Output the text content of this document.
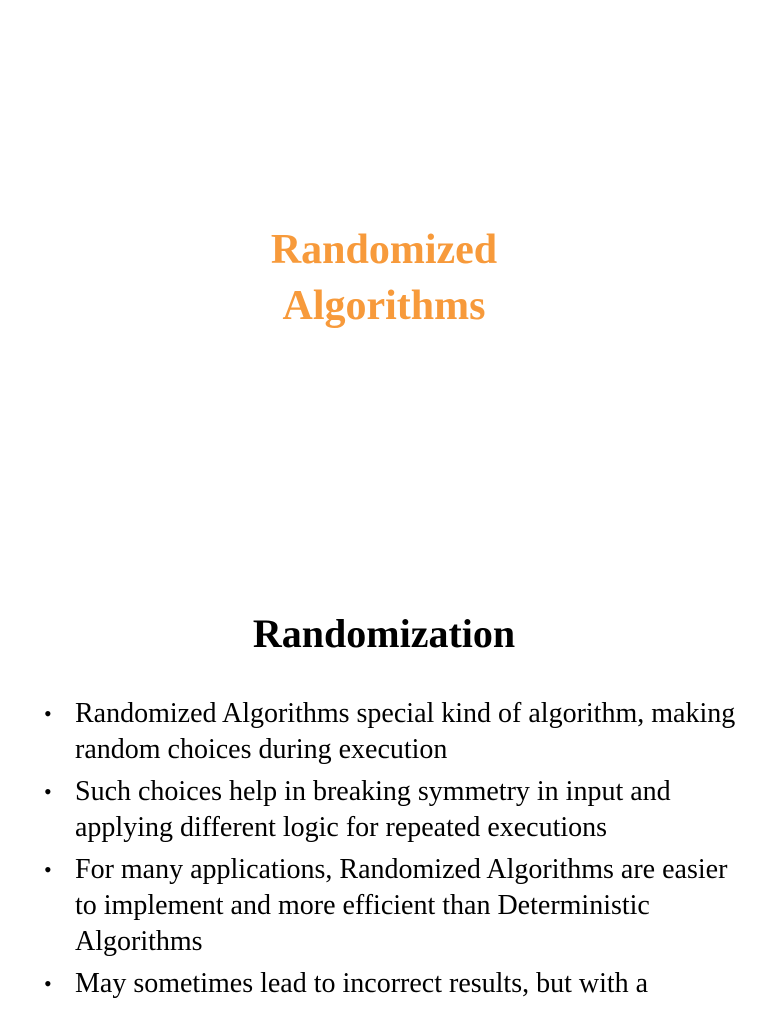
Randomized
Algorithms
Randomization
• Randomized Algorithms special kind of algorithm, making random choices during execution
• Such choices help in breaking symmetry in input and applying different logic for repeated executions
• For many applications, Randomized Algorithms are easier to implement and more efficient than Deterministic Algorithms
• May sometimes lead to incorrect results, but with a
